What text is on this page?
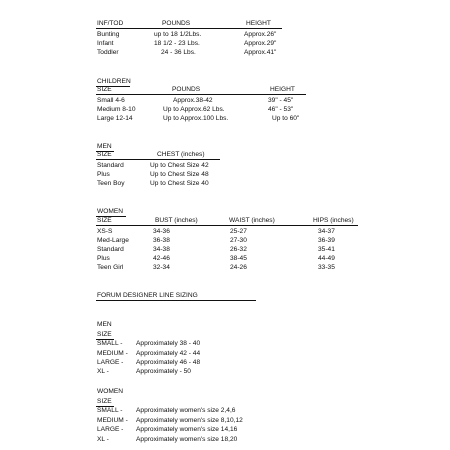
INF/TOD	POUNDS	HEIGHT
Bunting	up to 18 1/2Lbs.	Approx.26"
Infant	18 1/2 - 23 Lbs.	Approx.29"
Toddler	24 - 36 Lbs.	Approx.41"
CHILDREN
SIZE	POUNDS	HEIGHT
Small 4-6	Approx.38-42	39" - 45"
Medium 8-10	Up to Approx.62 Lbs.	46" - 53"
Large 12-14	Up to Approx.100 Lbs.	Up to 60"
MEN
SIZE	CHEST (inches)
Standard	Up to Chest Size 42
Plus	Up to Chest Size 48
Teen Boy	Up to Chest Size 40
WOMEN
SIZE	BUST (inches)	WAIST (inches)	HIPS (inches)
XS-S	34-36	25-27	34-37
Med-Large	36-38	27-30	36-39
Standard	34-38	26-32	35-41
Plus	42-46	38-45	44-49
Teen Girl	32-34	24-26	33-35
FORUM DESIGNER LINE SIZING
MEN
SIZE
SMALL - Approximately 38 - 40
MEDIUM - Approximately 42 - 44
LARGE - Approximately 46 - 48
XL -	Approximately - 50
WOMEN
SIZE
SMALL - Approximately women's size 2,4,6
MEDIUM - Approximately women's size 8,10,12
LARGE - Approximately women's size 14,16
XL -	Approximately women's size 18,20
